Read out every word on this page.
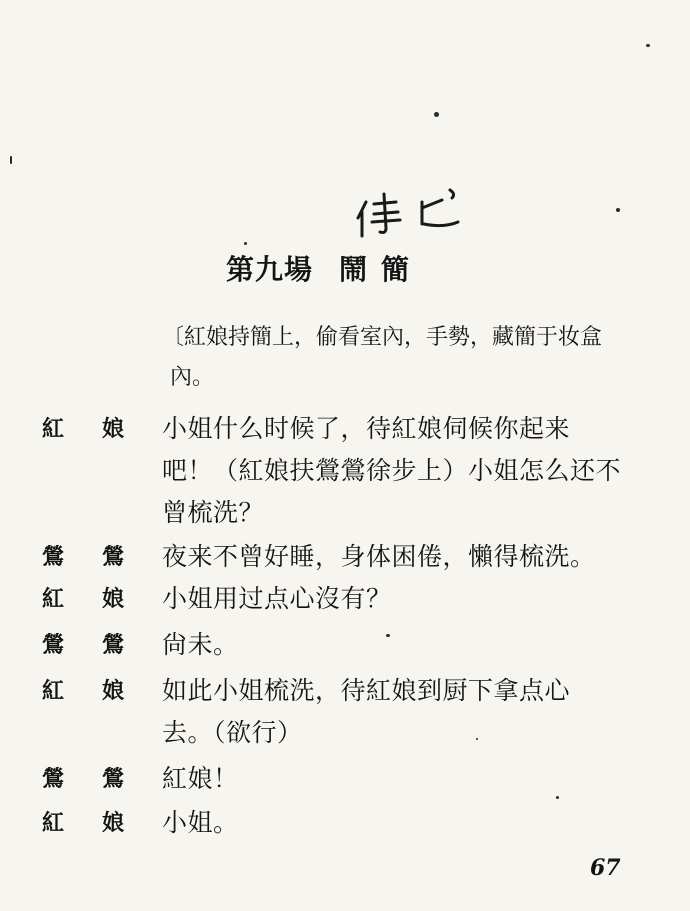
第九場 鬧簡
〔紅娘持簡上，偷看室內，手勢，藏簡于妆盒
內。
紅娘 小姐什么时候了，待紅娘伺候你起来
吧！（紅娘扶鶯鶯徐步上）小姐怎么还不
曾梳洗？
鶯鶯 夜来不曾好睡，身体困倦，懶得梳洗。
紅娘 小姐用过点心沒有？
鶯鶯 尙未。
紅娘 如此小姐梳洗，待紅娘到厨下拿点心
去。（欲行）
鶯鶯 紅娘！
紅娘 小姐。
67
